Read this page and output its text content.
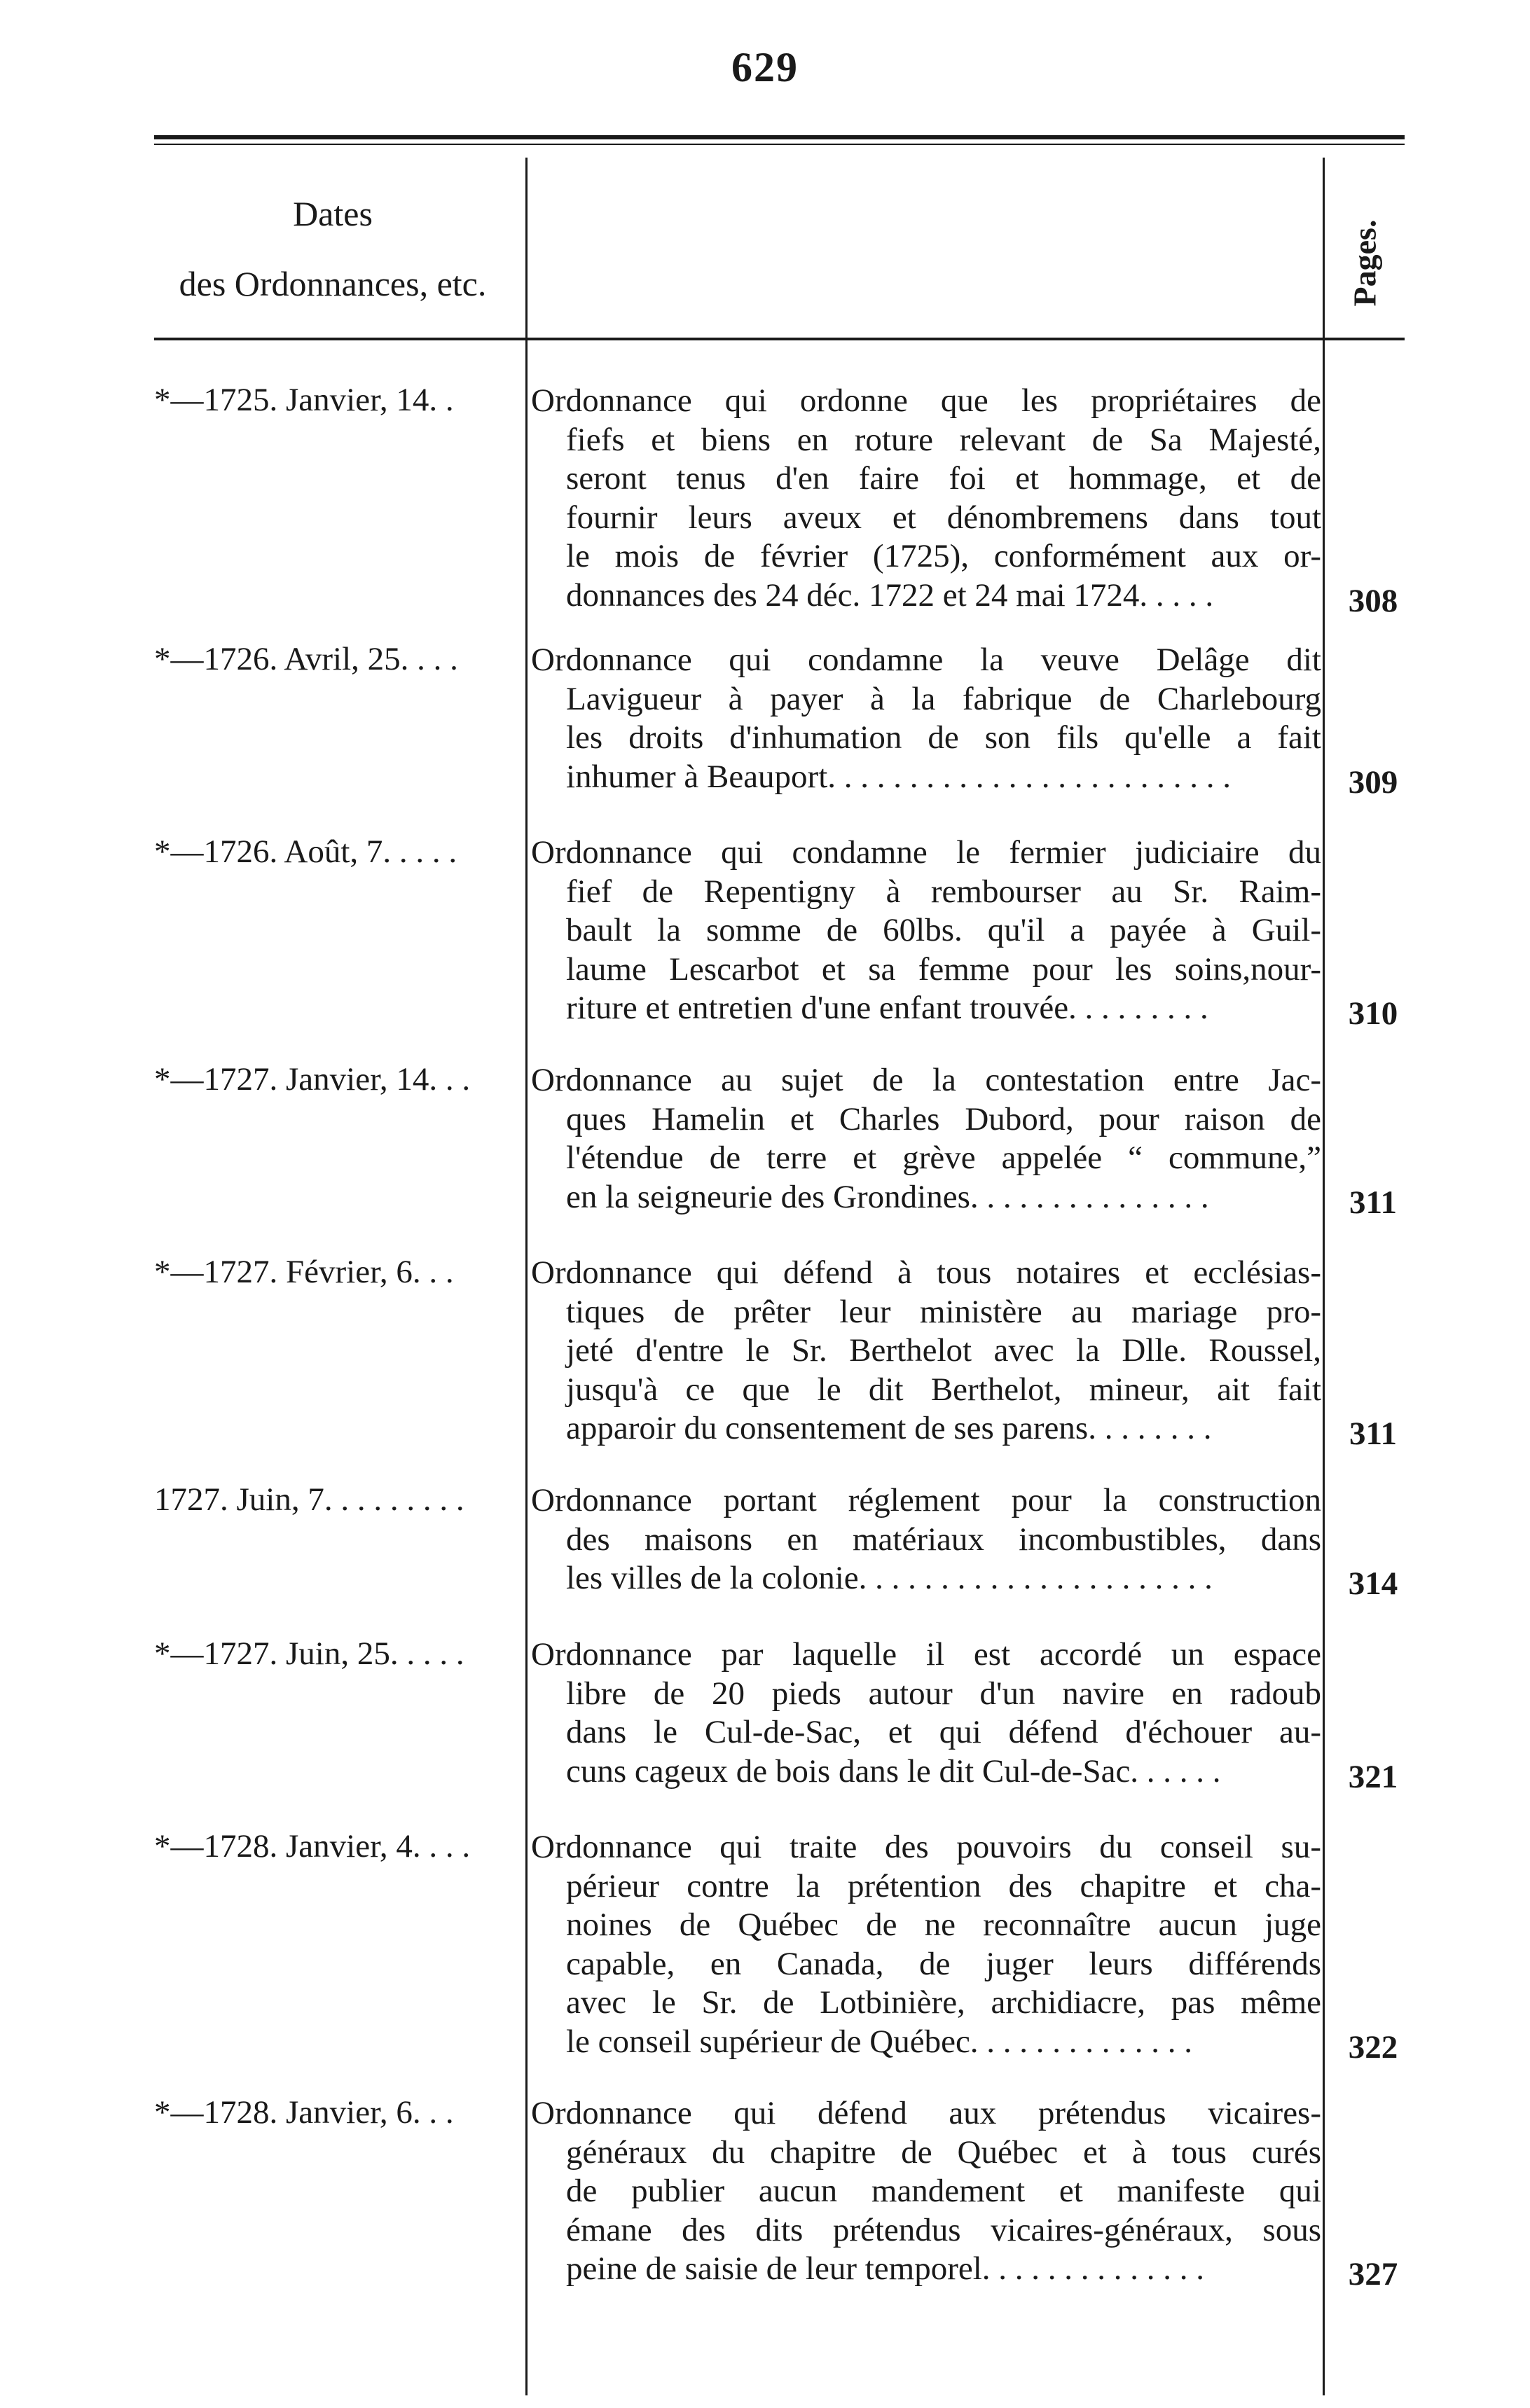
629
Dates
des Ordonnances, etc.	Pages.
*—1725. Janvier, 14. .	Ordonnance qui ordonne que les propriétaires de
fiefs et biens en roture relevant de Sa Majesté,
seront tenus d'en faire foi et hommage, et de
fournir leurs aveux et dénombremens dans tout
le mois de février (1725), conformément aux or-
donnances des 24 déc. 1722 et 24 mai 1724. . . . .	308
*—1726. Avril, 25. . . .	Ordonnance qui condamne la veuve Delâge dit
Lavigueur à payer à la fabrique de Charlebourg
les droits d'inhumation de son fils qu'elle a fait
inhumer à Beauport. . . . . . . . . . . . . . . . . . . . . . . . .	309
*—1726. Août, 7. . . . .	Ordonnance qui condamne le fermier judiciaire du
fief de Repentigny à rembourser au Sr. Raim-
bault la somme de 60lbs. qu'il a payée à Guil-
laume Lescarbot et sa femme pour les soins,nour-
riture et entretien d'une enfant trouvée. . . . . . . . .	310
*—1727. Janvier, 14. . .	Ordonnance au sujet de la contestation entre Jac-
ques Hamelin et Charles Dubord, pour raison de
l'étendue de terre et grève appelée “ commune,”
en la seigneurie des Grondines. . . . . . . . . . . . . . .	311
*—1727. Février, 6. . .	Ordonnance qui défend à tous notaires et ecclésias-
tiques de prêter leur ministère au mariage pro-
jeté d'entre le Sr. Berthelot avec la Dlle. Roussel,
jusqu'à ce que le dit Berthelot, mineur, ait fait
apparoir du consentement de ses parens. . . . . . . .	311
1727. Juin, 7. . . . . . . . .	Ordonnance portant réglement pour la construction
des maisons en matériaux incombustibles, dans
les villes de la colonie. . . . . . . . . . . . . . . . . . . . . .	314
*—1727. Juin, 25. . . . .	Ordonnance par laquelle il est accordé un espace
libre de 20 pieds autour d'un navire en radoub
dans le Cul-de-Sac, et qui défend d'échouer au-
cuns cageux de bois dans le dit Cul-de-Sac. . . . . .	321
*—1728. Janvier, 4. . . .	Ordonnance qui traite des pouvoirs du conseil su-
périeur contre la prétention des chapitre et cha-
noines de Québec de ne reconnaître aucun juge
capable, en Canada, de juger leurs différends
avec le Sr. de Lotbinière, archidiacre, pas même
le conseil supérieur de Québec. . . . . . . . . . . . . .	322
*—1728. Janvier, 6. . .	Ordonnance qui défend aux prétendus vicaires-
généraux du chapitre de Québec et à tous curés
de publier aucun mandement et manifeste qui
émane des dits prétendus vicaires-généraux, sous
peine de saisie de leur temporel. . . . . . . . . . . . . .	327
